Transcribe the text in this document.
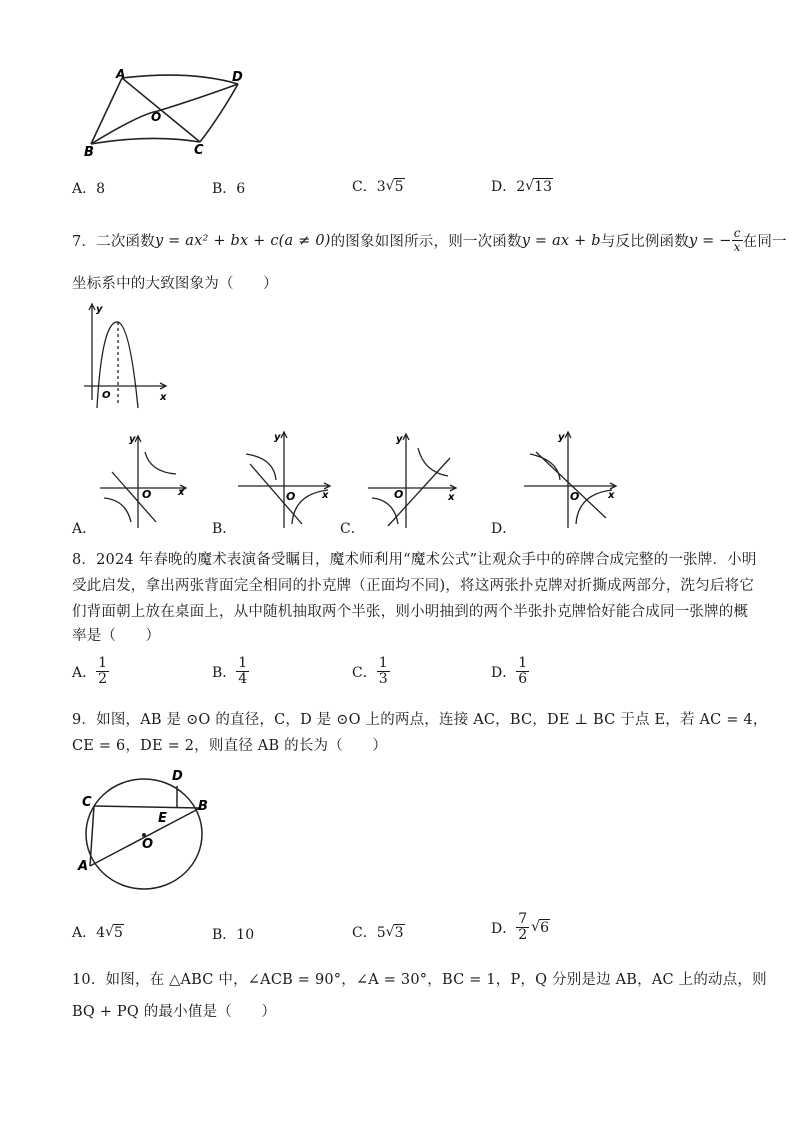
A	D
O
B	C
A．8	B．6	C．3 √ 5	D．2 √ 13
7．二次函数 y = ax² + bx + c(a ≠ 0) 的图象如图所示，则一次函数 y = ax + b 与反比例函数 y = − $\frac{c}{x}$ 在同一
坐标系中的大致图象为（　　）
y
x
O
y
x
O
A．
y
x
O
B．
y
x
O
C．
y
x
O
D．
8．2024 年春晚的魔术表演备受瞩目，魔术师利用“魔术公式”让观众手中的碎牌合成完整的一张牌．小明
受此启发，拿出两张背面完全相同的扑克牌（正面均不同)，将这两张扑克牌对折撕成两部分，洗匀后将它
们背面朝上放在桌面上，从中随机抽取两个半张，则小明抽到的两个半张扑克牌恰好能合成同一张牌的概
率是（　　）
A． $\frac{1}{2}$	B． $\frac{1}{4}$	C． $\frac{1}{3}$	D． $\frac{1}{6}$
9．如图，AB 是 ⊙O 的直径，C，D 是 ⊙O 上的两点，连接 AC，BC，DE ⊥ BC 于点 E，若 AC = 4，
CE = 6，DE = 2，则直径 AB 的长为（　　）
C
D
B
E
O
A
A．4 √ 5	B．10	C．5 √ 3	D． $\frac{7}{2}$ √ 6
10．如图，在 △ABC 中，∠ACB = 90°，∠A = 30°，BC = 1，P，Q 分别是边 AB，AC 上的动点，则
BQ + PQ 的最小值是（　　）
